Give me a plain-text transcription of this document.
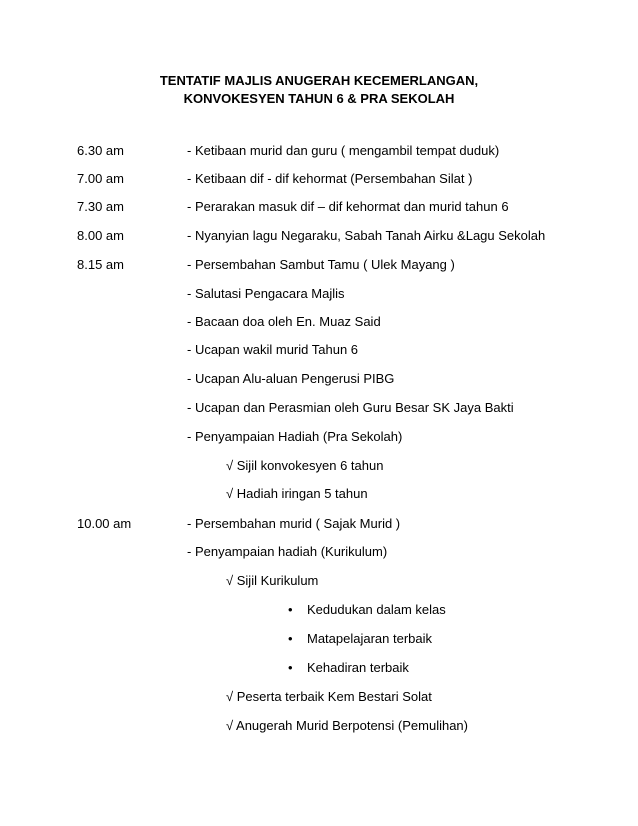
TENTATIF MAJLIS ANUGERAH KECEMERLANGAN,
KONVOKESYEN TAHUN 6 & PRA SEKOLAH
6.30 am	- Ketibaan murid dan guru ( mengambil tempat duduk)
7.00 am	- Ketibaan dif - dif kehormat (Persembahan Silat )
7.30 am	- Perarakan masuk dif – dif kehormat dan murid tahun 6
8.00 am	- Nyanyian lagu Negaraku, Sabah Tanah Airku &Lagu Sekolah
8.15 am	- Persembahan Sambut Tamu ( Ulek Mayang )
- Salutasi Pengacara Majlis
- Bacaan doa oleh En. Muaz Said
- Ucapan wakil murid Tahun 6
- Ucapan Alu-aluan Pengerusi PIBG
- Ucapan dan Perasmian oleh Guru Besar SK Jaya Bakti
- Penyampaian Hadiah (Pra Sekolah)
√ Sijil konvokesyen 6 tahun
√ Hadiah iringan 5 tahun
10.00 am	- Persembahan murid ( Sajak Murid )
- Penyampaian hadiah (Kurikulum)
√ Sijil Kurikulum
• Kedudukan dalam kelas
• Matapelajaran terbaik
• Kehadiran terbaik
√ Peserta terbaik Kem Bestari Solat
√ Anugerah Murid Berpotensi (Pemulihan)
